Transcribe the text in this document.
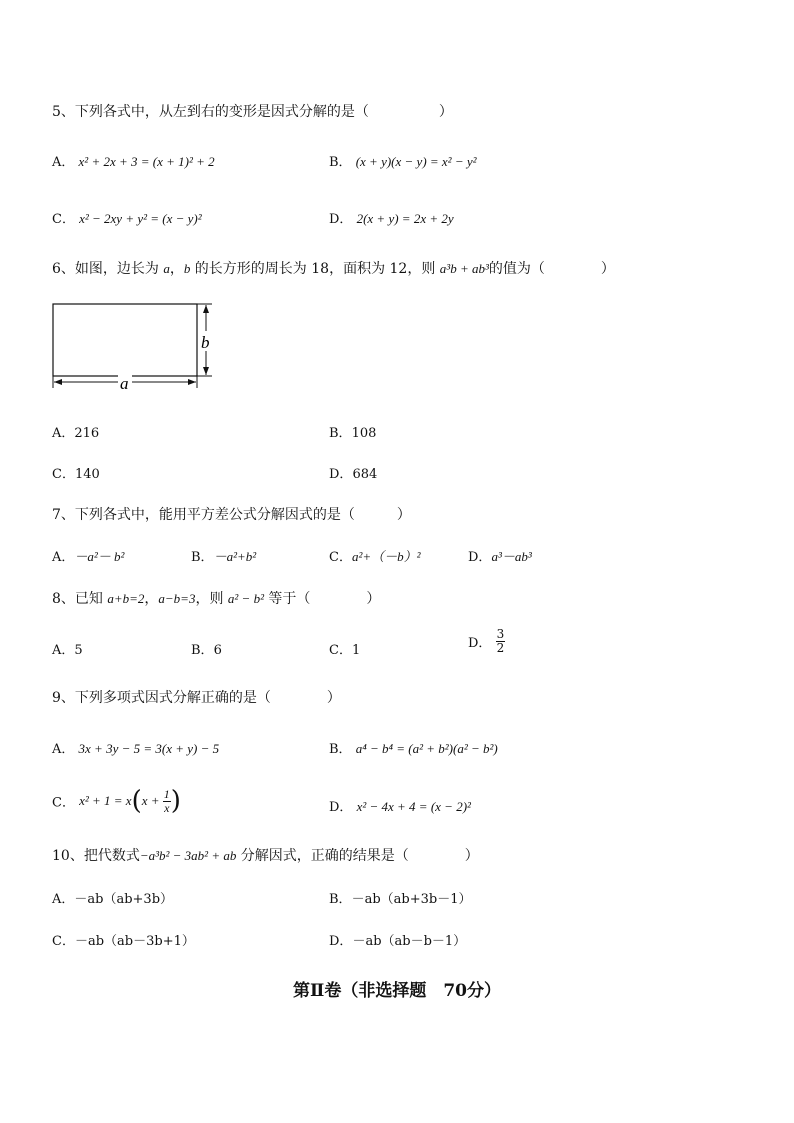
5、下列各式中，从左到右的变形是因式分解的是（　　　　　）
A． x² + 2x + 3 = (x + 1)² + 2	B． (x + y)(x − y) = x² − y²
C． x² − 2xy + y² = (x − y)²	D． 2(x + y) = 2x + 2y
6、如图，边长为 a，b 的长方形的周长为 18，面积为 12，则 a³b + ab³的值为（　　　　）
b
a
A．216	B．108
C．140	D．684
7、下列各式中，能用平方差公式分解因式的是（　　　）
A．－a²－ b²	B．－a²+b²	C．a²+（－b）²	D．a³－ab³
8、已知 a+b=2，a−b=3，则 a² − b² 等于（　　　　）
A．5	B．6	C．1	D． $\frac{3}{2}$
9、下列多项式因式分解正确的是（　　　　）
A． 3x + 3y − 5 = 3(x + y) − 5	B． a⁴ − b⁴ = (a² + b²)(a² − b²)
C． $x^2 + 1 = x(x + \frac{1}{x}$ )	D． x² − 4x + 4 = (x − 2)²
10、把代数式−a³b² − 3ab² + ab 分解因式，正确的结果是（　　　　）
A．－ab（ab+3b）	B．－ab（ab+3b－1）
C．－ab（ab－3b+1）	D．－ab（ab－b－1）
第Ⅱ卷（非选择题　70分）
